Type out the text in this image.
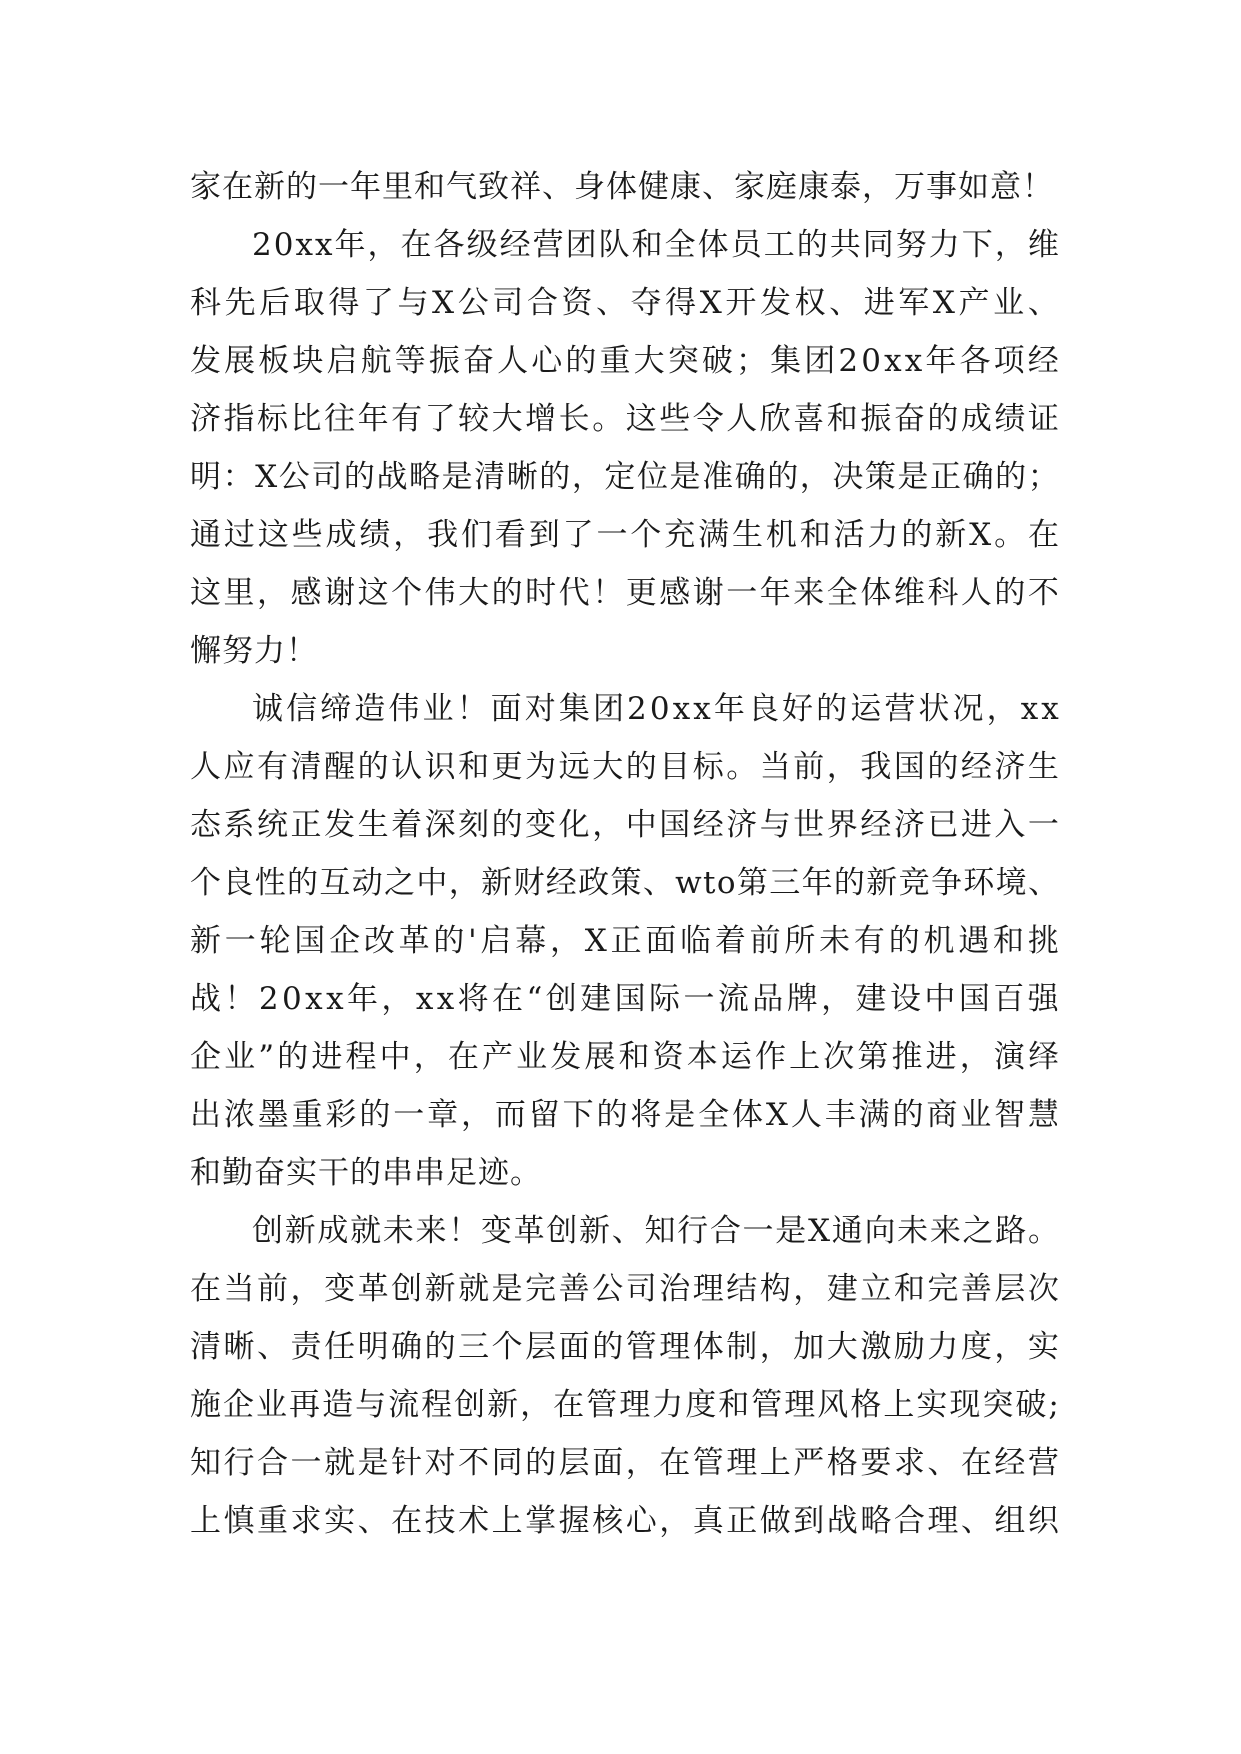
家在新的一年里和气致祥、身体健康、家庭康泰，万事如意！
2 0 x x 年 ， 在 各 级 经 营 团 队 和 全 体 员 工 的 共 同 努 力 下 ， 维
科 先 后 取 得 了 与 X 公 司 合 资 、 夺 得 X 开 发 权 、 进 军 X 产 业 、
发 展 板 块 启 航 等 振 奋 人 心 的 重 大 突 破 ； 集 团 2 0 x x 年 各 项 经
济 指 标 比 往 年 有 了 较 大 增 长 。 这 些 令 人 欣 喜 和 振 奋 的 成 绩 证
明 ： X 公 司 的 战 略 是 清 晰 的 ， 定 位 是 准 确 的 ， 决 策 是 正 确 的 ；
通 过 这 些 成 绩 ， 我 们 看 到 了 一 个 充 满 生 机 和 活 力 的 新 X 。 在
这 里 ， 感 谢 这 个 伟 大 的 时 代 ！ 更 感 谢 一 年 来 全 体 维 科 人 的 不
懈努力！
诚 信 缔 造 伟 业 ！ 面 对 集 团 2 0 x x 年 良 好 的 运 营 状 况 ， x x
人 应 有 清 醒 的 认 识 和 更 为 远 大 的 目 标 。 当 前 ， 我 国 的 经 济 生
态 系 统 正 发 生 着 深 刻 的 变 化 ， 中 国 经 济 与 世 界 经 济 已 进 入 一
个 良 性 的 互 动 之 中 ， 新 财 经 政 策 、 w t o 第 三 年 的 新 竞 争 环 境 、
新 一 轮 国 企 改 革 的 ' 启 幕 ， X 正 面 临 着 前 所 未 有 的 机 遇 和 挑
战 ！ 2 0 x x 年 ， x x 将 在 “ 创 建 国 际 一 流 品 牌 ， 建 设 中 国 百 强
企 业 ” 的 进 程 中 ， 在 产 业 发 展 和 资 本 运 作 上 次 第 推 进 ， 演 绎
出 浓 墨 重 彩 的 一 章 ， 而 留 下 的 将 是 全 体 X 人 丰 满 的 商 业 智 慧
和勤奋实干的串串足迹。
创 新 成 就 未 来 ！ 变 革 创 新 、 知 行 合 一 是 X 通 向 未 来 之 路 。
在 当 前 ， 变 革 创 新 就 是 完 善 公 司 治 理 结 构 ， 建 立 和 完 善 层 次
清 晰 、 责 任 明 确 的 三 个 层 面 的 管 理 体 制 ， 加 大 激 励 力 度 ， 实
施 企 业 再 造 与 流 程 创 新 ， 在 管 理 力 度 和 管 理 风 格 上 实 现 突 破 ;
知 行 合 一 就 是 针 对 不 同 的 层 面 ， 在 管 理 上 严 格 要 求 、 在 经 营
上 慎 重 求 实 、 在 技 术 上 掌 握 核 心 ， 真 正 做 到 战 略 合 理 、 组 织
